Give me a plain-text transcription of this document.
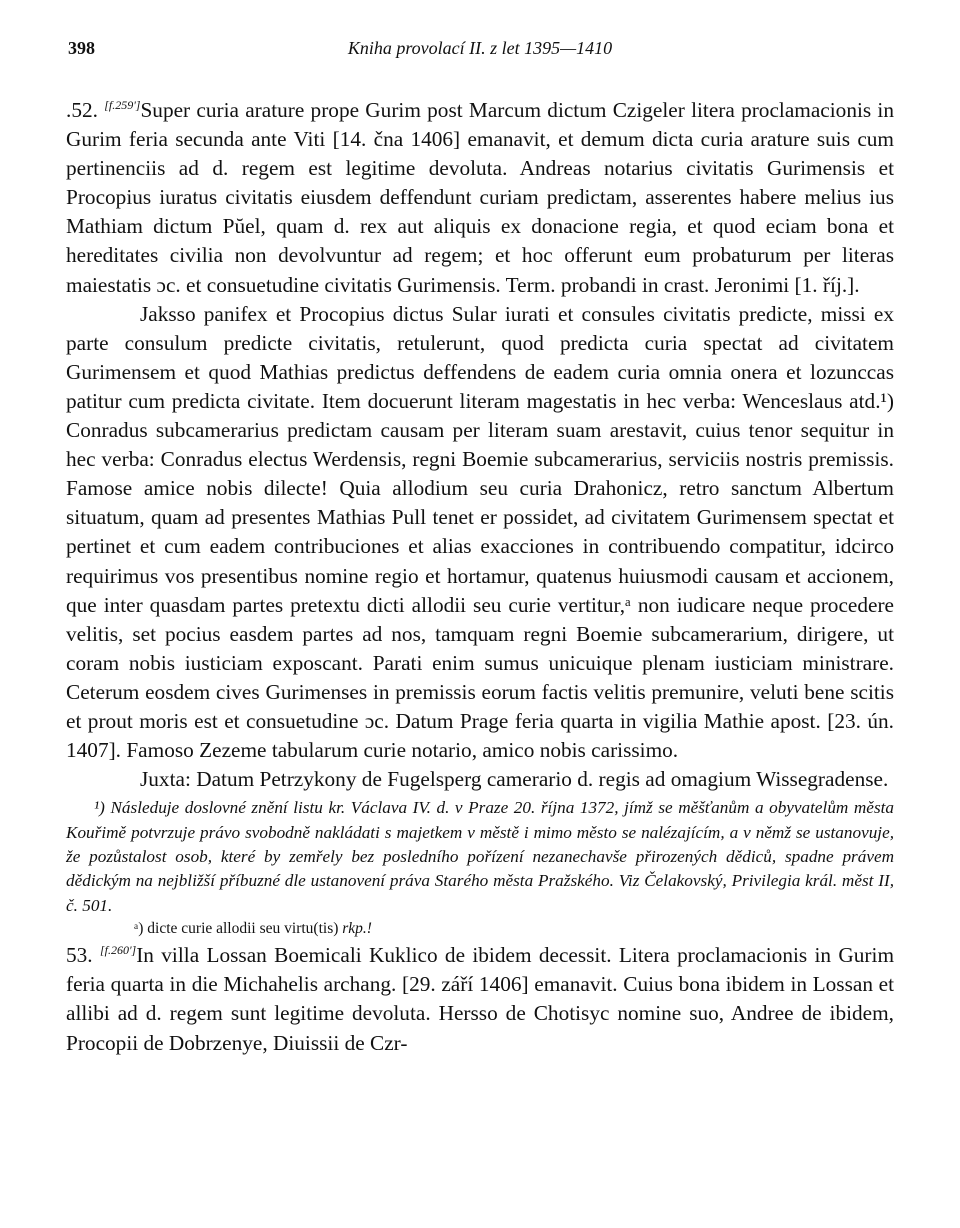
398	Kniha provolací II. z let 1395—1410

.52. [f.259']Super curia arature prope Gurim post Marcum dictum Czigeler litera proclamacionis in Gurim feria secunda ante Viti [14. čna 1406] emanavit, et demum dicta curia arature suis cum pertinenciis ad d. regem est legitime devoluta. Andreas notarius civitatis Gurimensis et Procopius iuratus civitatis eiusdem deffendunt curiam predictam, asserentes habere melius ius Mathiam dictum Pŭel, quam d. rex aut aliquis ex donacione regia, et quod eciam bona et hereditates civilia non devolvuntur ad regem; et hoc offerunt eum probaturum per literas maiestatis ɔc. et consuetudine civitatis Gurimensis. Term. probandi in crast. Jeronimi [1. říj.].

Jaksso panifex et Procopius dictus Sular iurati et consules civitatis predicte, missi ex parte consulum predicte civitatis, retulerunt, quod predicta curia spectat ad civitatem Gurimensem et quod Mathias predictus deffendens de eadem curia omnia onera et lozunccas patitur cum predicta civitate. Item docuerunt literam magestatis in hec verba: Wenceslaus atd.¹) Conradus subcamerarius predictam causam per literam suam arestavit, cuius tenor sequitur in hec verba: Conradus electus Werdensis, regni Boemie subcamerarius, serviciis nostris premissis. Famose amice nobis dilecte! Quia allodium seu curia Drahonicz, retro sanctum Albertum situatum, quam ad presentes Mathias Pull tenet er possidet, ad civitatem Gurimensem spectat et pertinet et cum eadem contribuciones et alias exacciones in contribuendo compatitur, idcirco requirimus vos presentibus nomine regio et hortamur, quatenus huiusmodi causam et accionem, que inter quasdam partes pretextu dicti allodii seu curie vertitur,ᵃ non iudicare neque procedere velitis, set pocius easdem partes ad nos, tamquam regni Boemie subcamerarium, dirigere, ut coram nobis iusticiam exposcant. Parati enim sumus unicuique plenam iusticiam ministrare. Ceterum eosdem cives Gurimenses in premissis eorum factis velitis premunire, veluti bene scitis et prout moris est et consuetudine ɔc. Datum Prage feria quarta in vigilia Mathie apost. [23. ún. 1407]. Famoso Zezeme tabularum curie notario, amico nobis carissimo.

Juxta: Datum Petrzykony de Fugelsperg camerario d. regis ad omagium Wissegradense.

¹) Následuje doslovné znění listu kr. Václava IV. d. v Praze 20. října 1372, jímž se měšťanům a obyvatelům města Kouřimě potvrzuje právo svobodně nakládati s majetkem v městě i mimo město se nalézajícím, a v němž se ustanovuje, že pozůstalost osob, které by zemřely bez posledního pořízení nezanechavše přirozených dědiců, spadne právem dědickým na nejbližší příbuzné dle ustanovení práva Starého města Pražského. Viz Čelakovský, Privilegia král. měst II, č. 501.

ᵃ) dicte curie allodii seu virtu(tis) rkp.!

53. [f.260']In villa Lossan Boemicali Kuklico de ibidem decessit. Litera proclamacionis in Gurim feria quarta in die Michahelis archang. [29. září 1406] emanavit. Cuius bona ibidem in Lossan et allibi ad d. regem sunt legitime devoluta. Hersso de Chotisyc nomine suo, Andree de ibidem, Procopii de Dobrzenye, Diuissii de Czr-
